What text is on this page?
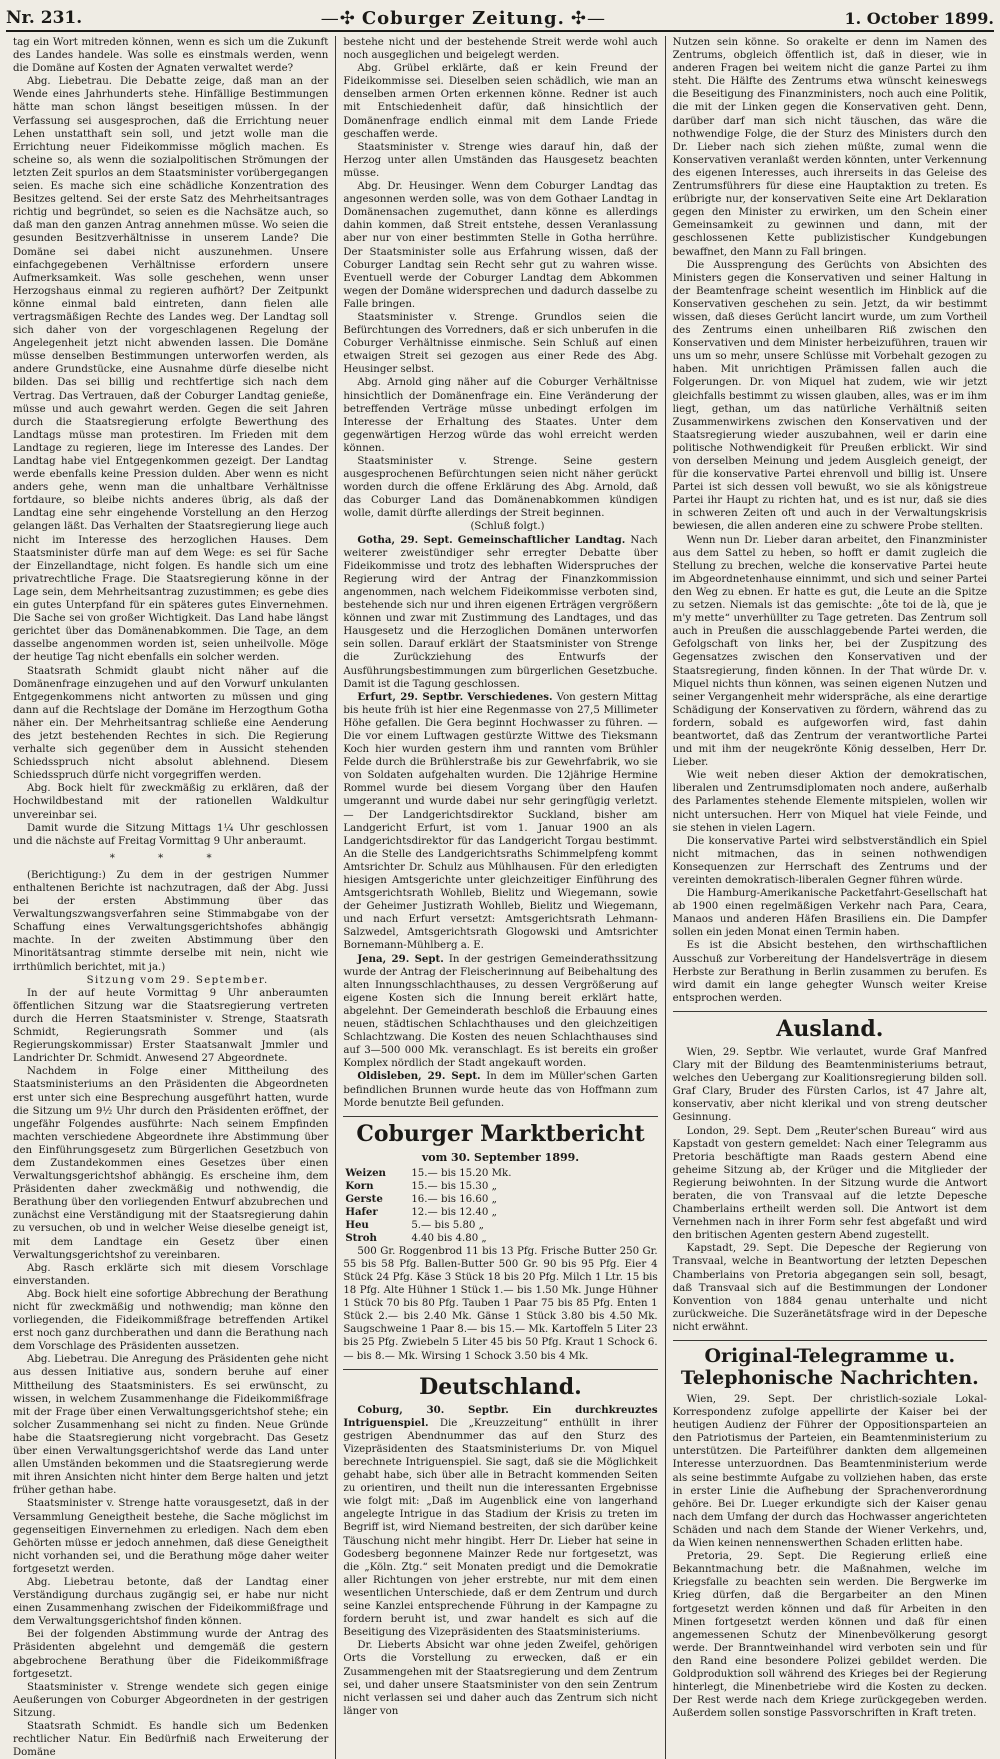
Nr. 231.	—✣ Coburger Zeitung. ✣—	1. October 1899.

tag ein Wort mitreden können, wenn es sich um die Zukunft des Landes handele. Was solle es einstmals werden, wenn die Domäne auf Kosten der Agnaten verwaltet werde?

Abg. Liebetrau. Die Debatte zeige, daß man an der Wende eines Jahrhunderts stehe. Hinfällige Bestimmungen hätte man schon längst beseitigen müssen. In der Verfassung sei ausgesprochen, daß die Errichtung neuer Lehen unstatthaft sein soll, und jetzt wolle man die Errichtung neuer Fideikommisse möglich machen. Es scheine so, als wenn die sozialpolitischen Strömungen der letzten Zeit spurlos an dem Staatsminister vorübergegangen seien. Es mache sich eine schädliche Konzentration des Besitzes geltend. Sei der erste Satz des Mehrheitsantrages richtig und begründet, so seien es die Nachsätze auch, so daß man den ganzen Antrag annehmen müsse. Wo seien die gesunden Besitzverhältnisse in unserem Lande? Die Domäne sei dabei nicht auszunehmen. Unsere einfachgegebenen Verhältnisse erfordern unsere Aufmerksamkeit. Was solle geschehen, wenn unser Herzogshaus einmal zu regieren aufhört? Der Zeitpunkt könne einmal bald eintreten, dann fielen alle vertragsmäßigen Rechte des Landes weg. Der Landtag soll sich daher von der vorgeschlagenen Regelung der Angelegenheit jetzt nicht abwenden lassen. Die Domäne müsse denselben Bestimmungen unterworfen werden, als andere Grundstücke, eine Ausnahme dürfe dieselbe nicht bilden. Das sei billig und rechtfertige sich nach dem Vertrag. Das Vertrauen, daß der Coburger Landtag genieße, müsse und auch gewahrt werden. Gegen die seit Jahren durch die Staatsregierung erfolgte Bewerthung des Landtags müsse man protestiren. Im Frieden mit dem Landtage zu regieren, liege im Interesse des Landes. Der Landtag habe viel Entgegenkommen gezeigt. Der Landtag werde ebenfalls keine Pression dulden. Aber wenn es nicht anders gehe, wenn man die unhaltbare Verhältnisse fortdaure, so bleibe nichts anderes übrig, als daß der Landtag eine sehr eingehende Vorstellung an den Herzog gelangen läßt. Das Verhalten der Staatsregierung liege auch nicht im Interesse des herzoglichen Hauses. Dem Staatsminister dürfe man auf dem Wege: es sei für Sache der Einzellandtage, nicht folgen. Es handle sich um eine privatrechtliche Frage. Die Staatsregierung könne in der Lage sein, dem Mehrheitsantrag zuzustimmen; es gebe dies ein gutes Unterpfand für ein späteres gutes Einvernehmen. Die Sache sei von großer Wichtigkeit. Das Land habe längst gerichtet über das Domänenabkommen. Die Tage, an dem dasselbe angenommen worden ist, seien unheilvolle. Möge der heutige Tag nicht ebenfalls ein solcher werden.

Staatsrath Schmidt glaubt nicht näher auf die Domänenfrage einzugehen und auf den Vorwurf unkulanten Entgegenkommens nicht antworten zu müssen und ging dann auf die Rechtslage der Domäne im Herzogthum Gotha näher ein. Der Mehrheitsantrag schließe eine Aenderung des jetzt bestehenden Rechtes in sich. Die Regierung verhalte sich gegenüber dem in Aussicht stehenden Schiedsspruch nicht absolut ablehnend. Diesem Schiedsspruch dürfe nicht vorgegriffen werden.

Abg. Bock hielt für zweckmäßig zu erklären, daß der Hochwildbestand mit der rationellen Waldkultur unvereinbar sei.

Damit wurde die Sitzung Mittags 1¼ Uhr geschlossen und die nächste auf Freitag Vormittag 9 Uhr anberaumt.

* * *

(Berichtigung:) Zu dem in der gestrigen Nummer enthaltenen Berichte ist nachzutragen, daß der Abg. Jussi bei der ersten Abstimmung über das Verwaltungszwangsverfahren seine Stimmabgabe von der Schaffung eines Verwaltungsgerichtshofes abhängig machte. In der zweiten Abstimmung über den Minoritätsantrag stimmte derselbe mit nein, nicht wie irrthümlich berichtet, mit ja.)

Sitzung vom 29. September.

In der auf heute Vormittag 9 Uhr anberaumten öffentlichen Sitzung war die Staatsregierung vertreten durch die Herren Staatsminister v. Strenge, Staatsrath Schmidt, Regierungsrath Sommer und (als Regierungskommissar) Erster Staatsanwalt Jmmler und Landrichter Dr. Schmidt. Anwesend 27 Abgeordnete.

Nachdem in Folge einer Mittheilung des Staatsministeriums an den Präsidenten die Abgeordneten erst unter sich eine Besprechung ausgeführt hatten, wurde die Sitzung um 9½ Uhr durch den Präsidenten eröffnet, der ungefähr Folgendes ausführte: Nach seinem Empfinden machten verschiedene Abgeordnete ihre Abstimmung über den Einführungsgesetz zum Bürgerlichen Gesetzbuch von dem Zustandekommen eines Gesetzes über einen Verwaltungsgerichtshof abhängig. Es erscheine ihm, dem Präsidenten daher zweckmäßig und nothwendig, die Berathung über den vorliegenden Entwurf abzubrechen und zunächst eine Verständigung mit der Staatsregierung dahin zu versuchen, ob und in welcher Weise dieselbe geneigt ist, mit dem Landtage ein Gesetz über einen Verwaltungsgerichtshof zu vereinbaren.

Abg. Rasch erklärte sich mit diesem Vorschlage einverstanden.

Abg. Bock hielt eine sofortige Abbrechung der Berathung nicht für zweckmäßig und nothwendig; man könne den vorliegenden, die Fideikommißfrage betreffenden Artikel erst noch ganz durchberathen und dann die Berathung nach dem Vorschlage des Präsidenten aussetzen.

Abg. Liebetrau. Die Anregung des Präsidenten gehe nicht aus dessen Initiative aus, sondern beruhe auf einer Mittheilung des Staatsministers. Es sei erwünscht, zu wissen, in welchem Zusammenhange die Fideikommißfrage mit der Frage über einen Verwaltungsgerichtshof stehe; ein solcher Zusammenhang sei nicht zu finden. Neue Gründe habe die Staatsregierung nicht vorgebracht. Das Gesetz über einen Verwaltungsgerichtshof werde das Land unter allen Umständen bekommen und die Staatsregierung werde mit ihren Ansichten nicht hinter dem Berge halten und jetzt früher gethan habe.

Staatsminister v. Strenge hatte vorausgesetzt, daß in der Versammlung Geneigtheit bestehe, die Sache möglichst im gegenseitigen Einvernehmen zu erledigen. Nach dem eben Gehörten müsse er jedoch annehmen, daß diese Geneigtheit nicht vorhanden sei, und die Berathung möge daher weiter fortgesetzt werden.

Abg. Liebetrau betonte, daß der Landtag einer Verständigung durchaus zugängig sei, er habe nur nicht einen Zusammenhang zwischen der Fideikommißfrage und dem Verwaltungsgerichtshof finden können.

Bei der folgenden Abstimmung wurde der Antrag des Präsidenten abgelehnt und demgemäß die gestern abgebrochene Berathung über die Fideikommißfrage fortgesetzt.

Staatsminister v. Strenge wendete sich gegen einige Aeußerungen von Coburger Abgeordneten in der gestrigen Sitzung.

Staatsrath Schmidt. Es handle sich um Bedenken rechtlicher Natur. Ein Bedürfniß nach Erweiterung der Domäne

bestehe nicht und der bestehende Streit werde wohl auch noch ausgeglichen und beigelegt werden.

Abg. Grübel erklärte, daß er kein Freund der Fideikommisse sei. Dieselben seien schädlich, wie man an denselben armen Orten erkennen könne. Redner ist auch mit Entschiedenheit dafür, daß hinsichtlich der Domänenfrage endlich einmal mit dem Lande Friede geschaffen werde.

Staatsminister v. Strenge wies darauf hin, daß der Herzog unter allen Umständen das Hausgesetz beachten müsse.

Abg. Dr. Heusinger. Wenn dem Coburger Landtag das angesonnen werden solle, was von dem Gothaer Landtag in Domänensachen zugemuthet, dann könne es allerdings dahin kommen, daß Streit entstehe, dessen Veranlassung aber nur von einer bestimmten Stelle in Gotha herrühre. Der Staatsminister solle aus Erfahrung wissen, daß der Coburger Landtag sein Recht sehr gut zu wahren wisse. Eventuell werde der Coburger Landtag dem Abkommen wegen der Domäne widersprechen und dadurch dasselbe zu Falle bringen.

Staatsminister v. Strenge. Grundlos seien die Befürchtungen des Vorredners, daß er sich unberufen in die Coburger Verhältnisse einmische. Sein Schluß auf einen etwaigen Streit sei gezogen aus einer Rede des Abg. Heusinger selbst.

Abg. Arnold ging näher auf die Coburger Verhältnisse hinsichtlich der Domänenfrage ein. Eine Veränderung der betreffenden Verträge müsse unbedingt erfolgen im Interesse der Erhaltung des Staates. Unter dem gegenwärtigen Herzog würde das wohl erreicht werden können.

Staatsminister v. Strenge. Seine gestern ausgesprochenen Befürchtungen seien nicht näher gerückt worden durch die offene Erklärung des Abg. Arnold, daß das Coburger Land das Domänenabkommen kündigen wolle, damit dürfte allerdings der Streit beginnen.

(Schluß folgt.)

Gotha, 29. Sept. Gemeinschaftlicher Landtag. Nach weiterer zweistündiger sehr erregter Debatte über Fideikommisse und trotz des lebhaften Widerspruches der Regierung wird der Antrag der Finanzkommission angenommen, nach welchem Fideikommisse verboten sind, bestehende sich nur und ihren eigenen Erträgen vergrößern können und zwar mit Zustimmung des Landtages, und das Hausgesetz und die Herzoglichen Domänen unterworfen sein sollen. Darauf erklärt der Staatsminister von Strenge die Zurückziehung des Entwurfs der Ausführungsbestimmungen zum bürgerlichen Gesetzbuche. Damit ist die Tagung geschlossen.

Erfurt, 29. Septbr. Verschiedenes. Von gestern Mittag bis heute früh ist hier eine Regenmasse von 27,5 Millimeter Höhe gefallen. Die Gera beginnt Hochwasser zu führen. — Die vor einem Luftwagen gestürzte Wittwe des Tieksmann Koch hier wurden gestern ihm und rannten vom Brühler Felde durch die Brühlerstraße bis zur Gewehrfabrik, wo sie von Soldaten aufgehalten wurden. Die 12jährige Hermine Rommel wurde bei diesem Vorgang über den Haufen umgerannt und wurde dabei nur sehr geringfügig verletzt. — Der Landgerichtsdirektor Suckland, bisher am Landgericht Erfurt, ist vom 1. Januar 1900 an als Landgerichtsdirektor für das Landgericht Torgau bestimmt. An die Stelle des Landgerichtsraths Schimmelpfeng kommt Amtsrichter Dr. Schulz aus Mühlhausen. Für den erledigten hiesigen Amtsgerichte unter gleichzeitiger Einführung des Amtsgerichtsrath Wohlleb, Bielitz und Wiegemann, sowie der Geheimer Justizrath Wohlleb, Bielitz und Wiegemann, und nach Erfurt versetzt: Amtsgerichtsrath Lehmann-Salzwedel, Amtsgerichtsrath Glogowski und Amtsrichter Bornemann-Mühlberg a. E.

Jena, 29. Sept. In der gestrigen Gemeinderathssitzung wurde der Antrag der Fleischerinnung auf Beibehaltung des alten Innungsschlachthauses, zu dessen Vergrößerung auf eigene Kosten sich die Innung bereit erklärt hatte, abgelehnt. Der Gemeinderath beschloß die Erbauung eines neuen, städtischen Schlachthauses und den gleichzeitigen Schlachtzwang. Die Kosten des neuen Schlachthauses sind auf 3—500 000 Mk. veranschlagt. Es ist bereits ein großer Komplex nördlich der Stadt angekauft worden.

Oldisleben, 29. Sept. In dem im Müller'schen Garten befindlichen Brunnen wurde heute das von Hoffmann zum Morde benutzte Beil gefunden.

Coburger Marktbericht
vom 30. September 1899.
Weizen	15.— bis 15.20 Mk.
Korn	15.— bis 15.30 „
Gerste	16.— bis 16.60 „
Hafer	12.— bis 12.40 „
Heu	5.— bis 5.80 „
Stroh	4.40 bis 4.80 „

500 Gr. Roggenbrod 11 bis 13 Pfg. Frische Butter 250 Gr. 55 bis 58 Pfg. Ballen-Butter 500 Gr. 90 bis 95 Pfg. Eier 4 Stück 24 Pfg. Käse 3 Stück 18 bis 20 Pfg. Milch 1 Ltr. 15 bis 18 Pfg. Alte Hühner 1 Stück 1.— bis 1.50 Mk. Junge Hühner 1 Stück 70 bis 80 Pfg. Tauben 1 Paar 75 bis 85 Pfg. Enten 1 Stück 2.— bis 2.40 Mk. Gänse 1 Stück 3.80 bis 4.50 Mk. Saugschweine 1 Paar 8.— bis 15.— Mk. Kartoffeln 5 Liter 23 bis 25 Pfg. Zwiebeln 5 Liter 45 bis 50 Pfg. Kraut 1 Schock 6.— bis 8.— Mk. Wirsing 1 Schock 3.50 bis 4 Mk.

Deutschland.

Coburg, 30. Septbr. Ein durchkreuztes Intriguenspiel. Die „Kreuzzeitung“ enthüllt in ihrer gestrigen Abendnummer das auf den Sturz des Vizepräsidenten des Staatsministeriums Dr. von Miquel berechnete Intriguenspiel. Sie sagt, daß sie die Möglichkeit gehabt habe, sich über alle in Betracht kommenden Seiten zu orientiren, und theilt nun die interessanten Ergebnisse wie folgt mit: „Daß im Augenblick eine von langerhand angelegte Intrigue in das Stadium der Krisis zu treten im Begriff ist, wird Niemand bestreiten, der sich darüber keine Täuschung nicht mehr hingibt. Herr Dr. Lieber hat seine in Godesberg begonnene Mainzer Rede nur fortgesetzt, was die „Köln. Ztg.“ seit Monaten predigt und die Demokratie aller Richtungen von jeher erstrebte, nur mit dem einen wesentlichen Unterschiede, daß er dem Zentrum und durch seine Kanzlei entsprechende Führung in der Kampagne zu fordern beruht ist, und zwar handelt es sich auf die Beseitigung des Vizepräsidenten des Staatsministeriums.

Dr. Lieberts Absicht war ohne jeden Zweifel, gehörigen Orts die Vorstellung zu erwecken, daß er ein Zusammengehen mit der Staatsregierung und dem Zentrum sei, und daher unsere Staatsminister von den sein Zentrum nicht verlassen sei und daher auch das Zentrum sich nicht länger von

Nutzen sein könne. So orakelte er denn im Namen des Zentrums, obgleich öffentlich ist, daß in dieser, wie in anderen Fragen bei weitem nicht die ganze Partei zu ihm steht. Die Hälfte des Zentrums etwa wünscht keineswegs die Beseitigung des Finanzministers, noch auch eine Politik, die mit der Linken gegen die Konservativen geht. Denn, darüber darf man sich nicht täuschen, das wäre die nothwendige Folge, die der Sturz des Ministers durch den Dr. Lieber nach sich ziehen müßte, zumal wenn die Konservativen veranlaßt werden könnten, unter Verkennung des eigenen Interesses, auch ihrerseits in das Geleise des Zentrumsführers für diese eine Hauptaktion zu treten. Es erübrigte nur, der konservativen Seite eine Art Deklaration gegen den Minister zu erwirken, um den Schein einer Gemeinsamkeit zu gewinnen und dann, mit der geschlossenen Kette publizistischer Kundgebungen bewaffnet, den Mann zu Fall bringen.

Die Aussprengung des Gerüchts von Absichten des Ministers gegen die Konservativen und seiner Haltung in der Beamtenfrage scheint wesentlich im Hinblick auf die Konservativen geschehen zu sein. Jetzt, da wir bestimmt wissen, daß dieses Gerücht lancirt wurde, um zum Vortheil des Zentrums einen unheilbaren Riß zwischen den Konservativen und dem Minister herbeizuführen, trauen wir uns um so mehr, unsere Schlüsse mit Vorbehalt gezogen zu haben. Mit unrichtigen Prämissen fallen auch die Folgerungen. Dr. von Miquel hat zudem, wie wir jetzt gleichfalls bestimmt zu wissen glauben, alles, was er im ihm liegt, gethan, um das natürliche Verhältniß seiten Zusammenwirkens zwischen den Konservativen und der Staatsregierung wieder auszubahnen, weil er darin eine politische Nothwendigkeit für Preußen erblickt. Wir sind von derselben Meinung und jedem Ausgleich geneigt, der für die konservative Partei ehrenvoll und billig ist. Unsere Partei ist sich dessen voll bewußt, wo sie als königstreue Partei ihr Haupt zu richten hat, und es ist nur, daß sie dies in schweren Zeiten oft und auch in der Verwaltungskrisis bewiesen, die allen anderen eine zu schwere Probe stellten.

Wenn nun Dr. Lieber daran arbeitet, den Finanzminister aus dem Sattel zu heben, so hofft er damit zugleich die Stellung zu brechen, welche die konservative Partei heute im Abgeordnetenhause einnimmt, und sich und seiner Partei den Weg zu ebnen. Er hatte es gut, die Leute an die Spitze zu setzen. Niemals ist das gemischte: „ôte toi de là, que je m'y mette“ unverhüllter zu Tage getreten. Das Zentrum soll auch in Preußen die ausschlaggebende Partei werden, die Gefolgschaft von links her, bei der Zuspitzung des Gegensatzes zwischen den Konservativen und der Staatsregierung, finden können. In der That würde Dr. v. Miquel nichts thun können, was seinen eigenen Nutzen und seiner Vergangenheit mehr widerspräche, als eine derartige Schädigung der Konservativen zu fördern, während das zu fordern, sobald es aufgeworfen wird, fast dahin beantwortet, daß das Zentrum der verantwortliche Partei und mit ihm der neugekrönte König desselben, Herr Dr. Lieber.

Wie weit neben dieser Aktion der demokratischen, liberalen und Zentrumsdiplomaten noch andere, außerhalb des Parlamentes stehende Elemente mitspielen, wollen wir nicht untersuchen. Herr von Miquel hat viele Feinde, und sie stehen in vielen Lagern.

Die konservative Partei wird selbstverständlich ein Spiel nicht mitmachen, das in seinen nothwendigen Konsequenzen zur Herrschaft des Zentrums und der vereinten demokratisch-liberalen Gegner führen würde.

Die Hamburg-Amerikanische Packetfahrt-Gesellschaft hat ab 1900 einen regelmäßigen Verkehr nach Para, Ceara, Manaos und anderen Häfen Brasiliens ein. Die Dampfer sollen ein jeden Monat einen Termin haben.

Es ist die Absicht bestehen, den wirthschaftlichen Ausschuß zur Vorbereitung der Handelsverträge in diesem Herbste zur Berathung in Berlin zusammen zu berufen. Es wird damit ein lange gehegter Wunsch weiter Kreise entsprochen werden.

Ausland.

Wien, 29. Septbr. Wie verlautet, wurde Graf Manfred Clary mit der Bildung des Beamtenministeriums betraut, welches den Uebergang zur Koalitionsregierung bilden soll. Graf Clary, Bruder des Fürsten Carlos, ist 47 Jahre alt, konservativ, aber nicht klerikal und von streng deutscher Gesinnung.

London, 29. Sept. Dem „Reuter'schen Bureau“ wird aus Kapstadt von gestern gemeldet: Nach einer Telegramm aus Pretoria beschäftigte man Raads gestern Abend eine geheime Sitzung ab, der Krüger und die Mitglieder der Regierung beiwohnten. In der Sitzung wurde die Antwort beraten, die von Transvaal auf die letzte Depesche Chamberlains ertheilt werden soll. Die Antwort ist dem Vernehmen nach in ihrer Form sehr fest abgefaßt und wird den britischen Agenten gestern Abend zugestellt.

Kapstadt, 29. Sept. Die Depesche der Regierung von Transvaal, welche in Beantwortung der letzten Depeschen Chamberlains von Pretoria abgegangen sein soll, besagt, daß Transvaal sich auf die Bestimmungen der Londoner Konvention von 1884 genau unterhalte und nicht zurückweiche. Die Suzeränetätsfrage wird in der Depesche nicht erwähnt.

Original-Telegramme u. Telephonische Nachrichten.

Wien, 29. Sept. Der christlich-soziale Lokal-Korrespondenz zufolge appellirte der Kaiser bei der heutigen Audienz der Führer der Oppositionsparteien an den Patriotismus der Parteien, ein Beamtenministerium zu unterstützen. Die Parteiführer dankten dem allgemeinen Interesse unterzuordnen. Das Beamtenministerium werde als seine bestimmte Aufgabe zu vollziehen haben, das erste in erster Linie die Aufhebung der Sprachenverordnung gehöre. Bei Dr. Lueger erkundigte sich der Kaiser genau nach dem Umfang der durch das Hochwasser angerichteten Schäden und nach dem Stande der Wiener Verkehrs, und, da Wien keinen nennenswerthen Schaden erlitten habe.

Pretoria, 29. Sept. Die Regierung erließ eine Bekanntmachung betr. die Maßnahmen, welche im Kriegsfalle zu beachten sein werden. Die Bergwerke im Krieg dürfen, daß die Bergarbeiter an den Minen fortgesetzt werden können und daß für Arbeiten in den Minen fortgesetzt werden können und daß für einen angemessenen Schutz der Minenbevölkerung gesorgt werde. Der Branntweinhandel wird verboten sein und für den Rand eine besondere Polizei gebildet werden. Die Goldproduktion soll während des Krieges bei der Regierung hinterlegt, die Minenbetriebe wird die Kosten zu decken. Der Rest werde nach dem Kriege zurückgegeben werden. Außerdem sollen sonstige Passvorschriften in Kraft treten.
